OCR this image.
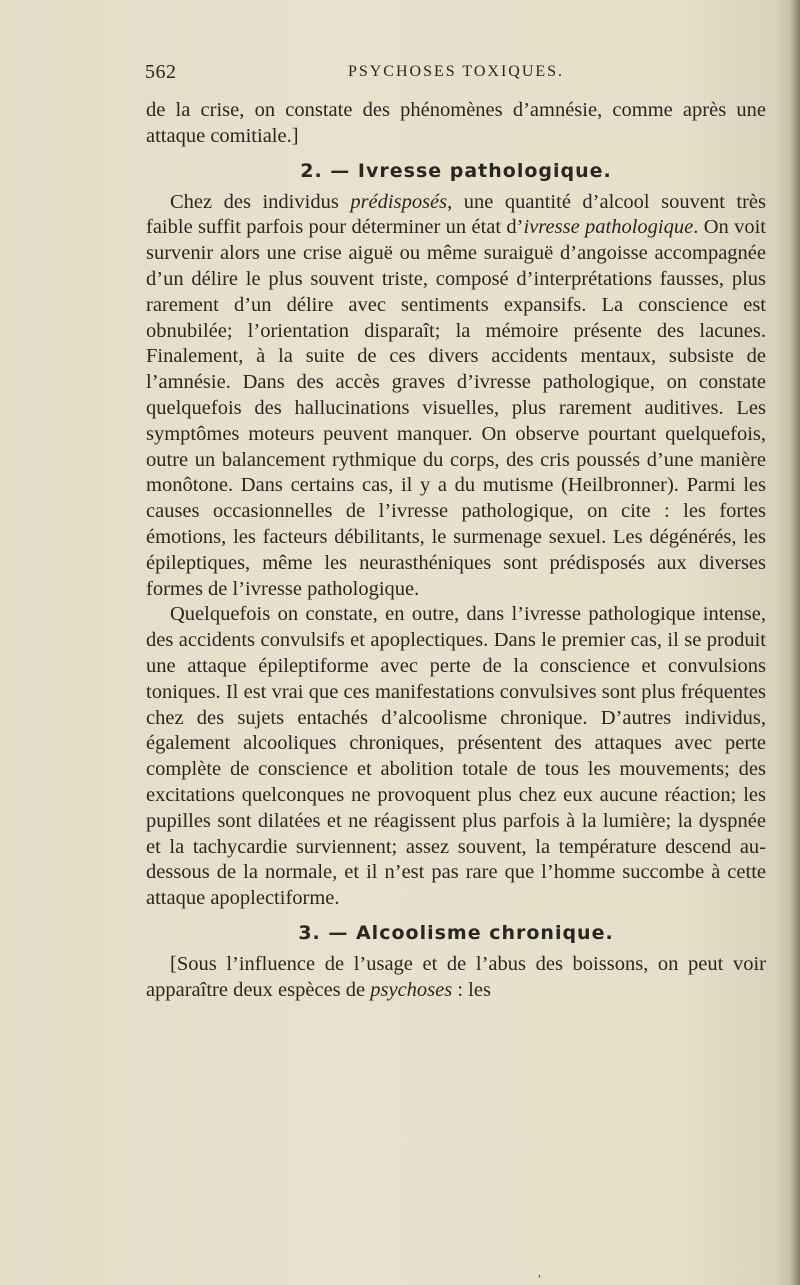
562	PSYCHOSES TOXIQUES.

de la crise, on constate des phénomènes d’amnésie, comme après une attaque comitiale.]

2. — Ivresse pathologique.

Chez des individus prédisposés, une quantité d’alcool souvent très faible suffit parfois pour déterminer un état d’ivresse pathologique. On voit survenir alors une crise aiguë ou même suraiguë d’angoisse accompagnée d’un délire le plus souvent triste, composé d’interprétations fausses, plus rarement d’un délire avec sentiments expansifs. La conscience est obnubilée; l’orientation disparaît; la mémoire présente des lacunes. Finalement, à la suite de ces divers accidents mentaux, subsiste de l’amnésie. Dans des accès graves d’ivresse pathologique, on constate quelquefois des hallucinations visuelles, plus rarement auditives. Les symptômes moteurs peuvent manquer. On observe pourtant quelquefois, outre un balancement rythmique du corps, des cris poussés d’une manière monôtone. Dans certains cas, il y a du mutisme (Heilbronner). Parmi les causes occasionnelles de l’ivresse pathologique, on cite : les fortes émotions, les facteurs débilitants, le surmenage sexuel. Les dégénérés, les épileptiques, même les neurasthéniques sont prédisposés aux diverses formes de l’ivresse pathologique.

Quelquefois on constate, en outre, dans l’ivresse pathologique intense, des accidents convulsifs et apoplectiques. Dans le premier cas, il se produit une attaque épileptiforme avec perte de la conscience et convulsions toniques. Il est vrai que ces manifestations convulsives sont plus fréquentes chez des sujets entachés d’alcoolisme chronique. D’autres individus, également alcooliques chroniques, présentent des attaques avec perte complète de conscience et abolition totale de tous les mouvements; des excitations quelconques ne provoquent plus chez eux aucune réaction; les pupilles sont dilatées et ne réagissent plus parfois à la lumière; la dyspnée et la tachycardie surviennent; assez souvent, la température descend au-dessous de la normale, et il n’est pas rare que l’homme succombe à cette attaque apoplectiforme.

3. — Alcoolisme chronique.

[Sous l’influence de l’usage et de l’abus des boissons, on peut voir apparaître deux espèces de psychoses : les

,
